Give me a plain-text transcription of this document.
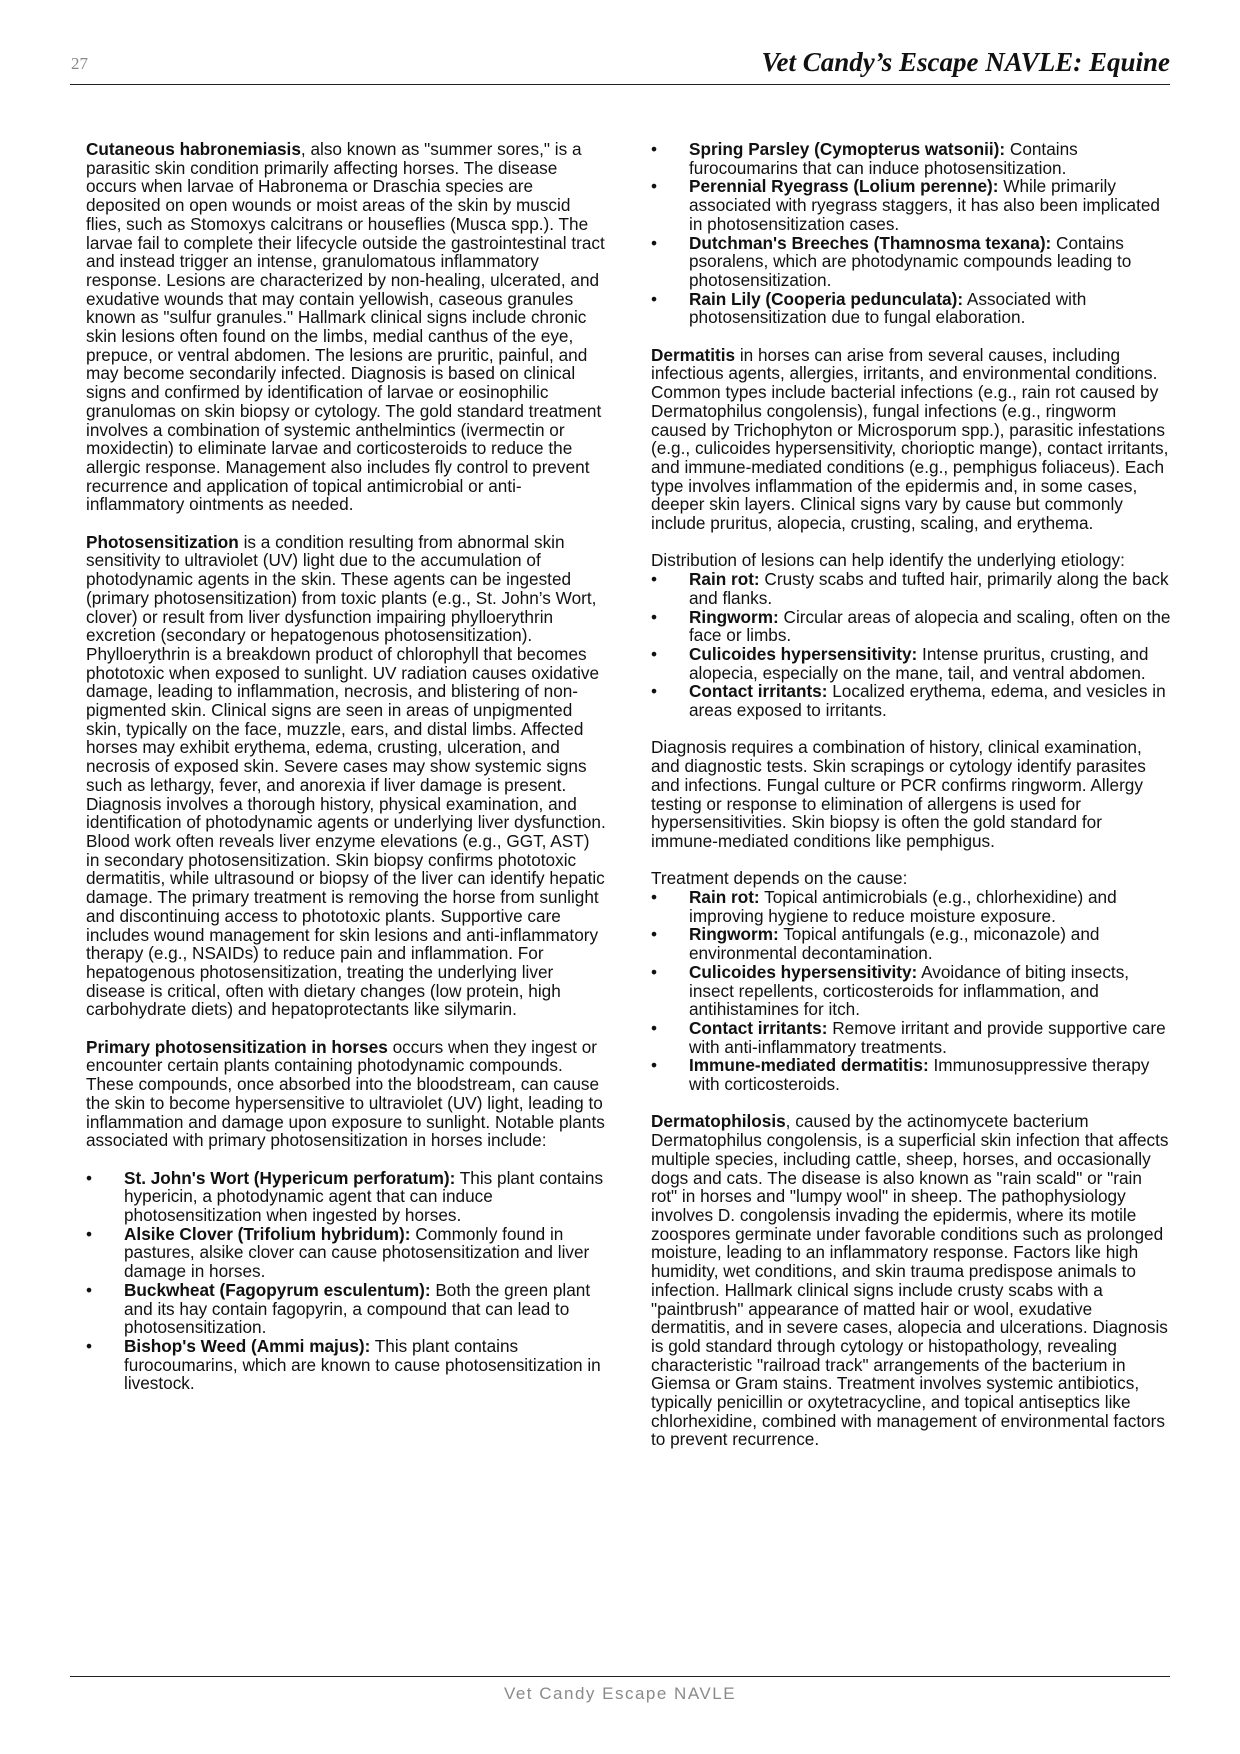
27	Vet Candy’s Escape NAVLE: Equine

Cutaneous habronemiasis, also known as "summer sores," is a parasitic skin condition primarily affecting horses. The disease occurs when larvae of Habronema or Draschia species are deposited on open wounds or moist areas of the skin by muscid flies, such as Stomoxys calcitrans or houseflies (Musca spp.). The larvae fail to complete their lifecycle outside the gastrointestinal tract and instead trigger an intense, granulomatous inflammatory response. Lesions are characterized by non-healing, ulcerated, and exudative wounds that may contain yellowish, caseous granules known as "sulfur granules." Hallmark clinical signs include chronic skin lesions often found on the limbs, medial canthus of the eye, prepuce, or ventral abdomen. The lesions are pruritic, painful, and may become secondarily infected. Diagnosis is based on clinical signs and confirmed by identification of larvae or eosinophilic granulomas on skin biopsy or cytology. The gold standard treatment involves a combination of systemic anthelmintics (ivermectin or moxidectin) to eliminate larvae and corticosteroids to reduce the allergic response. Management also includes fly control to prevent recurrence and application of topical antimicrobial or anti-inflammatory ointments as needed.

Photosensitization is a condition resulting from abnormal skin sensitivity to ultraviolet (UV) light due to the accumulation of photodynamic agents in the skin. These agents can be ingested (primary photosensitization) from toxic plants (e.g., St. John’s Wort, clover) or result from liver dysfunction impairing phylloerythrin excretion (secondary or hepatogenous photosensitization).

Phylloerythrin is a breakdown product of chlorophyll that becomes phototoxic when exposed to sunlight. UV radiation causes oxidative damage, leading to inflammation, necrosis, and blistering of non-pigmented skin. Clinical signs are seen in areas of unpigmented skin, typically on the face, muzzle, ears, and distal limbs. Affected horses may exhibit erythema, edema, crusting, ulceration, and necrosis of exposed skin. Severe cases may show systemic signs such as lethargy, fever, and anorexia if liver damage is present. Diagnosis involves a thorough history, physical examination, and identification of photodynamic agents or underlying liver dysfunction. Blood work often reveals liver enzyme elevations (e.g., GGT, AST) in secondary photosensitization. Skin biopsy confirms phototoxic dermatitis, while ultrasound or biopsy of the liver can identify hepatic damage. The primary treatment is removing the horse from sunlight and discontinuing access to phototoxic plants. Supportive care includes wound management for skin lesions and anti-inflammatory therapy (e.g., NSAIDs) to reduce pain and inflammation. For hepatogenous photosensitization, treating the underlying liver disease is critical, often with dietary changes (low protein, high carbohydrate diets) and hepatoprotectants like silymarin.

Primary photosensitization in horses occurs when they ingest or encounter certain plants containing photodynamic compounds. These compounds, once absorbed into the bloodstream, can cause the skin to become hypersensitive to ultraviolet (UV) light, leading to inflammation and damage upon exposure to sunlight. Notable plants associated with primary photosensitization in horses include:

• St. John's Wort (Hypericum perforatum): This plant contains hypericin, a photodynamic agent that can induce photosensitization when ingested by horses.
• Alsike Clover (Trifolium hybridum): Commonly found in pastures, alsike clover can cause photosensitization and liver damage in horses.
• Buckwheat (Fagopyrum esculentum): Both the green plant and its hay contain fagopyrin, a compound that can lead to photosensitization.
• Bishop's Weed (Ammi majus): This plant contains furocoumarins, which are known to cause photosensitization in livestock.
• Spring Parsley (Cymopterus watsonii): Contains furocoumarins that can induce photosensitization.
• Perennial Ryegrass (Lolium perenne): While primarily associated with ryegrass staggers, it has also been implicated in photosensitization cases.
• Dutchman's Breeches (Thamnosma texana): Contains psoralens, which are photodynamic compounds leading to photosensitization.
• Rain Lily (Cooperia pedunculata): Associated with photosensitization due to fungal elaboration.

Dermatitis in horses can arise from several causes, including infectious agents, allergies, irritants, and environmental conditions. Common types include bacterial infections (e.g., rain rot caused by Dermatophilus congolensis), fungal infections (e.g., ringworm caused by Trichophyton or Microsporum spp.), parasitic infestations (e.g., culicoides hypersensitivity, chorioptic mange), contact irritants, and immune-mediated conditions (e.g., pemphigus foliaceus). Each type involves inflammation of the epidermis and, in some cases, deeper skin layers. Clinical signs vary by cause but commonly include pruritus, alopecia, crusting, scaling, and erythema.

Distribution of lesions can help identify the underlying etiology:

• Rain rot: Crusty scabs and tufted hair, primarily along the back and flanks.
• Ringworm: Circular areas of alopecia and scaling, often on the face or limbs.
• Culicoides hypersensitivity: Intense pruritus, crusting, and alopecia, especially on the mane, tail, and ventral abdomen.
• Contact irritants: Localized erythema, edema, and vesicles in areas exposed to irritants.

Diagnosis requires a combination of history, clinical examination, and diagnostic tests. Skin scrapings or cytology identify parasites and infections. Fungal culture or PCR confirms ringworm. Allergy testing or response to elimination of allergens is used for hypersensitivities. Skin biopsy is often the gold standard for immune-mediated conditions like pemphigus.

Treatment depends on the cause:

• Rain rot: Topical antimicrobials (e.g., chlorhexidine) and improving hygiene to reduce moisture exposure.
• Ringworm: Topical antifungals (e.g., miconazole) and environmental decontamination.
• Culicoides hypersensitivity: Avoidance of biting insects, insect repellents, corticosteroids for inflammation, and antihistamines for itch.
• Contact irritants: Remove irritant and provide supportive care with anti-inflammatory treatments.
• Immune-mediated dermatitis: Immunosuppressive therapy with corticosteroids.

Dermatophilosis, caused by the actinomycete bacterium Dermatophilus congolensis, is a superficial skin infection that affects multiple species, including cattle, sheep, horses, and occasionally dogs and cats. The disease is also known as "rain scald" or "rain rot" in horses and "lumpy wool" in sheep. The pathophysiology involves D. congolensis invading the epidermis, where its motile zoospores germinate under favorable conditions such as prolonged moisture, leading to an inflammatory response. Factors like high humidity, wet conditions, and skin trauma predispose animals to infection. Hallmark clinical signs include crusty scabs with a "paintbrush" appearance of matted hair or wool, exudative dermatitis, and in severe cases, alopecia and ulcerations. Diagnosis is gold standard through cytology or histopathology, revealing characteristic "railroad track" arrangements of the bacterium in Giemsa or Gram stains. Treatment involves systemic antibiotics, typically penicillin or oxytetracycline, and topical antiseptics like chlorhexidine, combined with management of environmental factors to prevent recurrence.

Vet Candy Escape NAVLE
